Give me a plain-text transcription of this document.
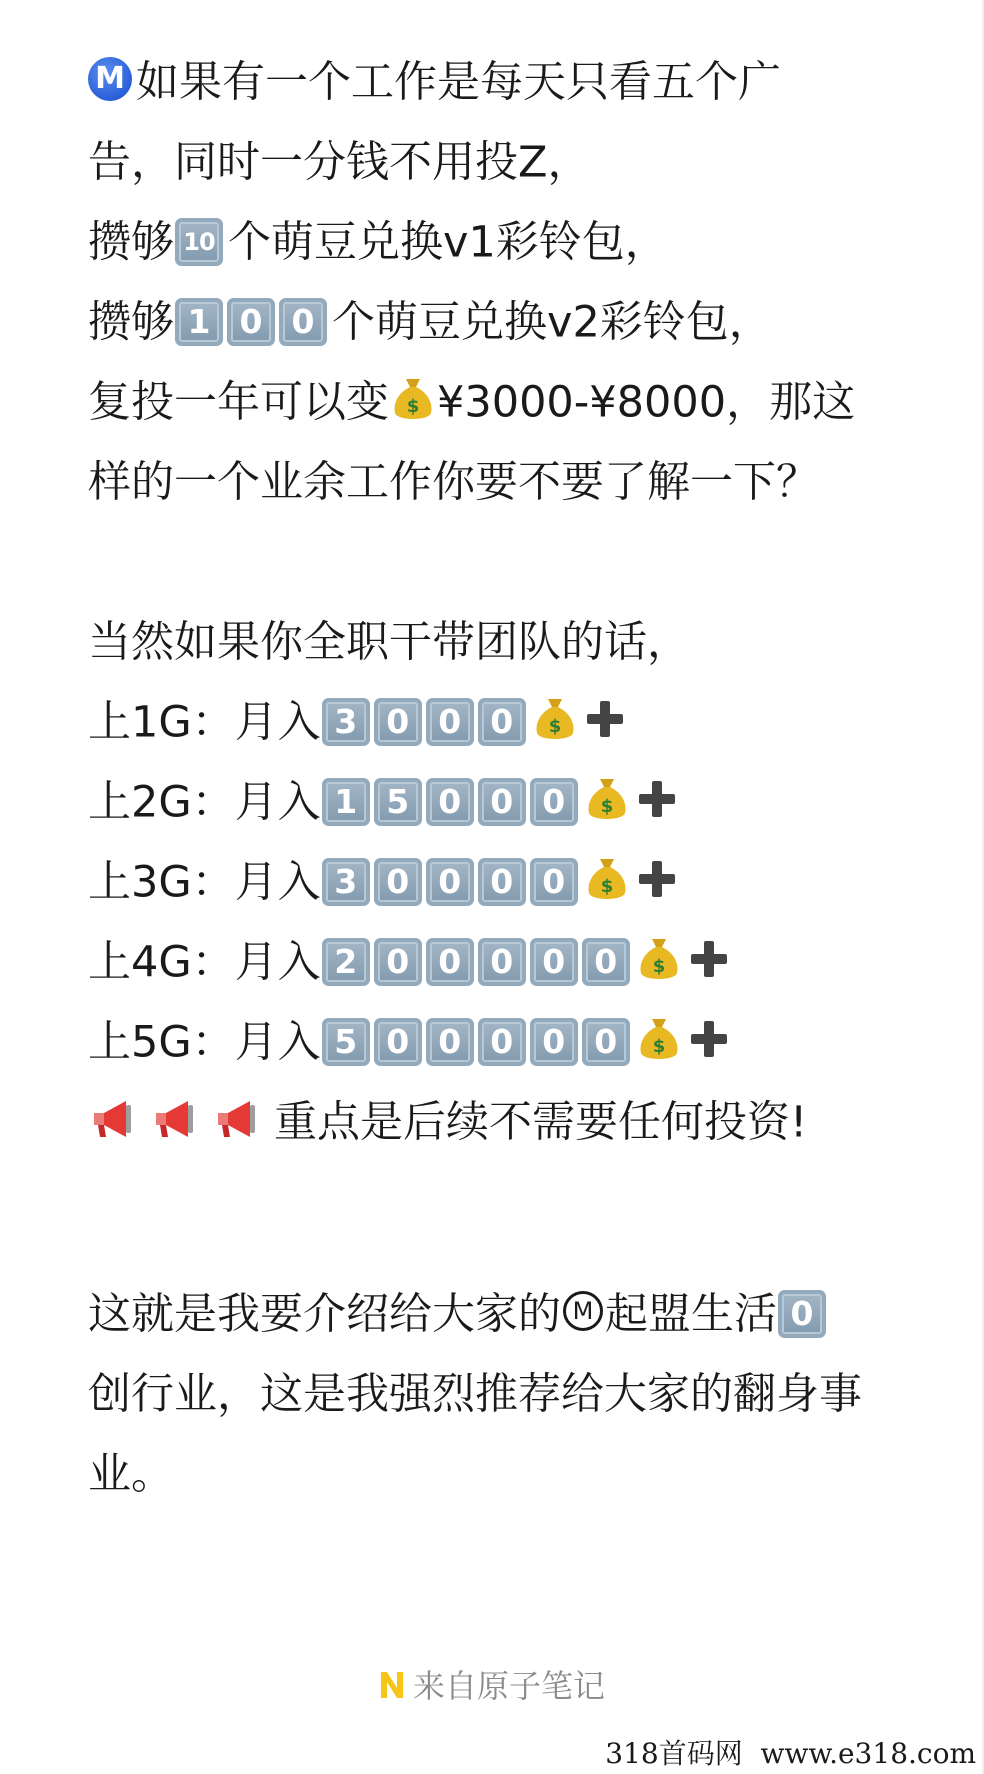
M 如果有一个工作是每天只看五个广
告，同时一分钱不用投Z，
攒够 10 个萌豆兑换v1彩铃包，
攒够 1 0 0 个萌豆兑换v2彩铃包，
复投一年可以变 $ ¥3000-¥8000，那这
样的一个业余工作你要不要了解一下？
当然如果你全职干带团队的话，
上1G：月入 3 0 0 0 $
上2G：月入 1 5 0 0 0 $
上3G：月入 3 0 0 0 0 $
上4G：月入 2 0 0 0 0 0 $
上5G：月入 5 0 0 0 0 0 $
重点是后续不需要任何投资!
这就是我要介绍给大家的 M 起盟生活 0
创行业，这是我强烈推荐给大家的翻身事
业。
来自原子笔记
318首码网  www.e318.com
